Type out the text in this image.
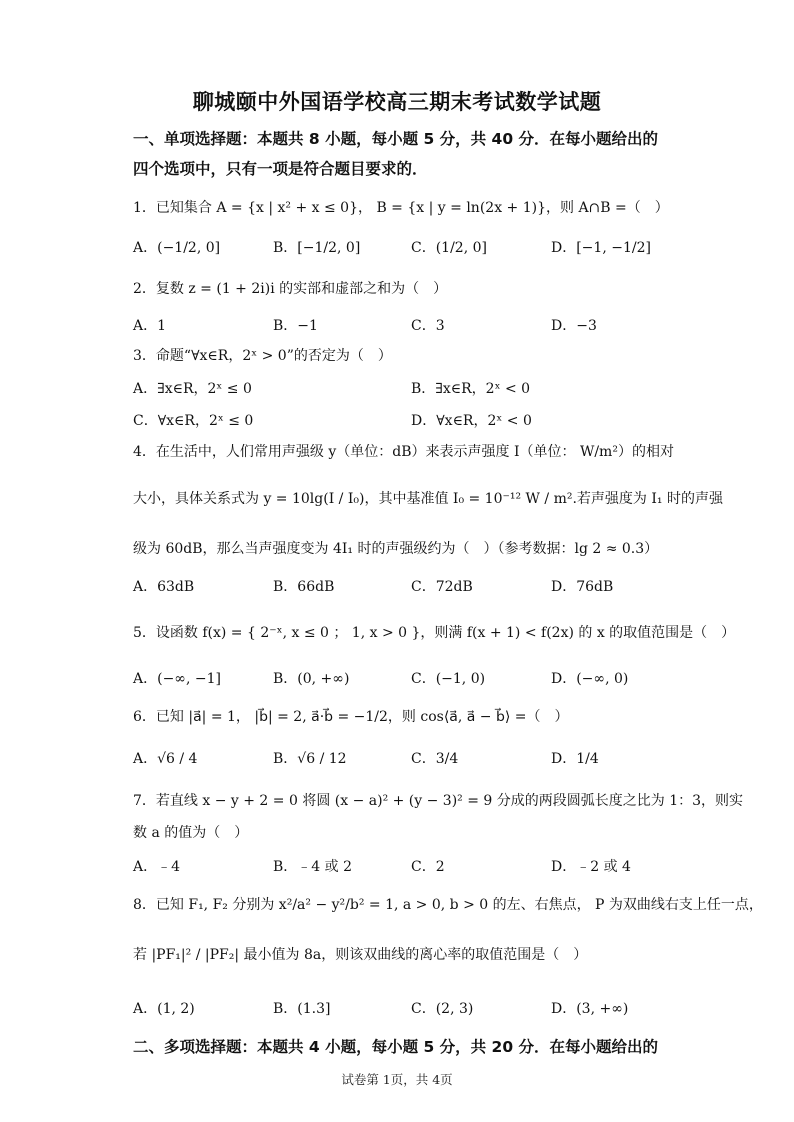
聊城颐中外国语学校高三期末考试数学试题
一、单项选择题：本题共 8 小题，每小题 5 分，共 40 分．在每小题给出的
四个选项中，只有一项是符合题目要求的．
1．已知集合 A = {x | x² + x ≤ 0}， B = {x | y = ln(2x + 1)}，则 A∩B =（　）
A．(−1/2, 0]	B．[−1/2, 0]	C．(1/2, 0]	D．[−1, −1/2]
2．复数 z = (1 + 2i)i 的实部和虚部之和为（　）
A．1	B．−1	C．3	D．−3
3．命题“∀x∈R，2ˣ > 0”的否定为（　）
A．∃x∈R，2ˣ ≤ 0	B．∃x∈R，2ˣ < 0
C．∀x∈R，2ˣ ≤ 0	D．∀x∈R，2ˣ < 0
4．在生活中，人们常用声强级 y（单位：dB）来表示声强度 I（单位： W/m²）的相对
大小，具体关系式为 y = 10lg(I / I₀)，其中基准值 I₀ = 10⁻¹² W / m².若声强度为 I₁ 时的声强
级为 60dB，那么当声强度变为 4I₁ 时的声强级约为（　）（参考数据：lg 2 ≈ 0.3）
A．63dB	B．66dB	C．72dB	D．76dB
5．设函数 f(x) = { 2⁻ˣ, x ≤ 0 ； 1, x > 0 }，则满 f(x + 1) < f(2x) 的 x 的取值范围是（　）
A．(−∞, −1]	B．(0, +∞)	C．(−1, 0)	D．(−∞, 0)
6．已知 |a⃗| = 1， |b⃗| = 2, a⃗·b⃗ = −1/2，则 cos⟨a⃗, a⃗ − b⃗⟩ =（　）
A．√6 / 4	B．√6 / 12	C．3/4	D．1/4
7．若直线 x − y + 2 = 0 将圆 (x − a)² + (y − 3)² = 9 分成的两段圆弧长度之比为 1：3，则实
数 a 的值为（　）
A．﹣4	B．﹣4 或 2	C．2	D．﹣2 或 4
8．已知 F₁, F₂ 分别为 x²/a² − y²/b² = 1, a > 0, b > 0 的左、右焦点， P 为双曲线右支上任一点，
若 |PF₁|² / |PF₂| 最小值为 8a，则该双曲线的离心率的取值范围是（　）
A．(1, 2)	B．(1.3]	C．(2, 3)	D．(3, +∞)
二、多项选择题：本题共 4 小题，每小题 5 分，共 20 分．在每小题给出的
试卷第 1页，共 4页
